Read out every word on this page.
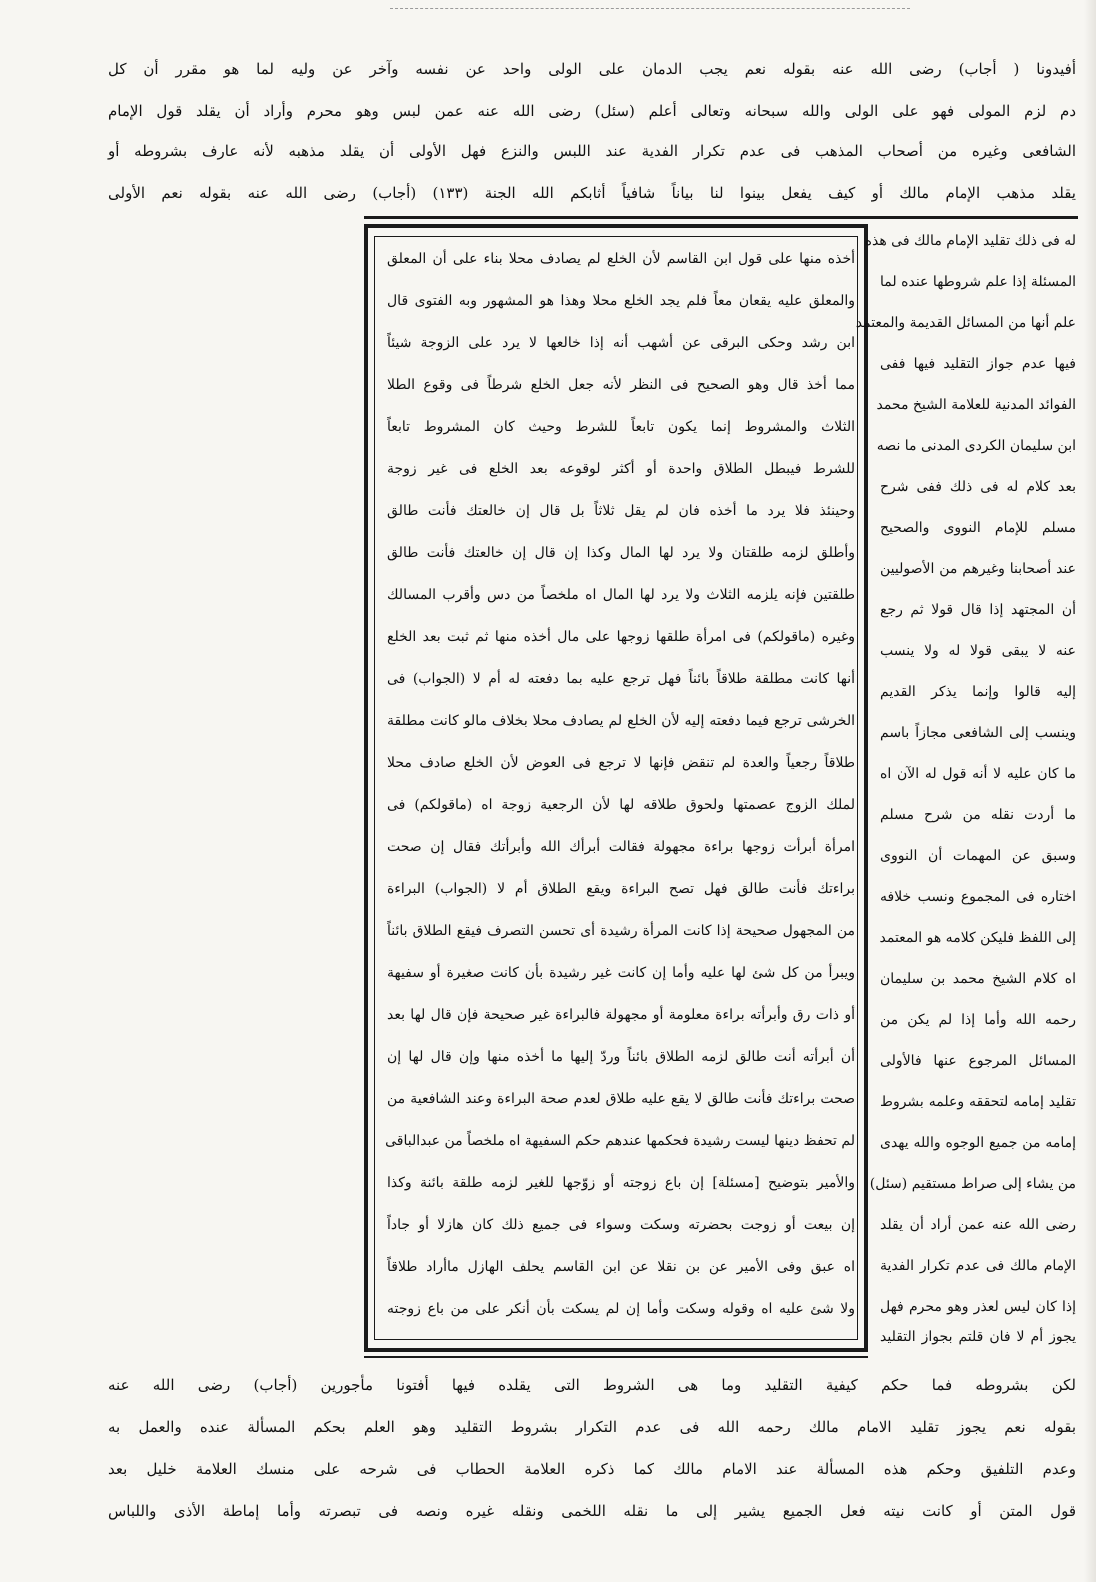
أفيدونا ( أجاب) رضى الله عنه بقوله نعم يجب الدمان على الولى واحد عن نفسه وآخر عن وليه لما هو مقرر أن كل
دم لزم المولى فهو على الولى والله سبحانه وتعالى أعلم (سئل) رضى الله عنه عمن لبس وهو محرم وأراد أن يقلد قول الإمام
الشافعى وغيره من أصحاب المذهب فى عدم تكرار الفدية عند اللبس والنزع فهل الأولى أن يقلد مذهبه لأنه عارف بشروطه أو
يقلد مذهب الإمام مالك أو كيف يفعل بينوا لنا بياناً شافياً أثابكم الله الجنة (١٣٣) (أجاب) رضى الله عنه بقوله نعم الأولى
له فى ذلك تقليد الإمام مالك فى هذه
المسئلة إذا علم شروطها عنده لما
علم أنها من المسائل القديمة والمعتمد
فيها عدم جواز التقليد فيها ففى
الفوائد المدنية للعلامة الشيخ محمد
ابن سليمان الكردى المدنى ما نصه
بعد كلام له فى ذلك ففى شرح
مسلم للإمام النووى والصحيح
عند أصحابنا وغيرهم من الأصوليين
أن المجتهد إذا قال قولا ثم رجع
عنه لا يبقى قولا له ولا ينسب
إليه قالوا وإنما يذكر القديم
وينسب إلى الشافعى مجازاً باسم
ما كان عليه لا أنه قول له الآن اه
ما أردت نقله من شرح مسلم
وسبق عن المهمات أن النووى
اختاره فى المجموع ونسب خلافه
إلى اللفظ فليكن كلامه هو المعتمد
اه كلام الشيخ محمد بن سليمان
رحمه الله وأما إذا لم يكن من
المسائل المرجوع عنها فالأولى
تقليد إمامه لتحققه وعلمه بشروط
إمامه من جميع الوجوه والله يهدى
من يشاء إلى صراط مستقيم (سئل)
رضى الله عنه عمن أراد أن يقلد
الإمام مالك فى عدم تكرار الفدية
إذا كان ليس لعذر وهو محرم فهل
يجوز أم لا فان قلتم بجواز التقليد
أخذه منها على قول ابن القاسم لأن الخلع لم يصادف محلا بناء على أن المعلق
والمعلق عليه يقعان معاً فلم يجد الخلع محلا وهذا هو المشهور وبه الفتوى قال
ابن رشد وحكى البرقى عن أشهب أنه إذا خالعها لا يرد على الزوجة شيئاً
مما أخذ قال وهو الصحيح فى النظر لأنه جعل الخلع شرطاً فى وقوع الطلا
الثلاث والمشروط إنما يكون تابعاً للشرط وحيث كان المشروط تابعاً
للشرط فيبطل الطلاق واحدة أو أكثر لوقوعه بعد الخلع فى غير زوجة
وحينئذ فلا يرد ما أخذه فان لم يقل ثلاثاً بل قال إن خالعتك فأنت طالق
وأطلق لزمه طلقتان ولا يرد لها المال وكذا إن قال إن خالعتك فأنت طالق
طلقتين فإنه يلزمه الثلاث ولا يرد لها المال اه ملخصاً من دس وأقرب المسالك
وغيره (ماقولكم) فى امرأة طلقها زوجها على مال أخذه منها ثم ثبت بعد الخلع
أنها كانت مطلقة طلاقاً بائناً فهل ترجع عليه بما دفعته له أم لا (الجواب) فى
الخرشى ترجع فيما دفعته إليه لأن الخلع لم يصادف محلا بخلاف مالو كانت مطلقة
طلاقاً رجعياً والعدة لم تنقض فإنها لا ترجع فى العوض لأن الخلع صادف محلا
لملك الزوج عصمتها ولحوق طلاقه لها لأن الرجعية زوجة اه (ماقولكم) فى
امرأة أبرأت زوجها براءة مجهولة فقالت أبرأك الله وأبرأتك فقال إن صحت
براءتك فأنت طالق فهل تصح البراءة ويقع الطلاق أم لا (الجواب) البراءة
من المجهول صحيحة إذا كانت المرأة رشيدة أى تحسن التصرف فيقع الطلاق بائناً
ويبرأ من كل شئ لها عليه وأما إن كانت غير رشيدة بأن كانت صغيرة أو سفيهة
أو ذات رق وأبرأته براءة معلومة أو مجهولة فالبراءة غير صحيحة فإن قال لها بعد
أن أبرأته أنت طالق لزمه الطلاق بائناً وردّ إليها ما أخذه منها وإن قال لها إن
صحت براءتك فأنت طالق لا يقع عليه طلاق لعدم صحة البراءة وعند الشافعية من
لم تحفظ دينها ليست رشيدة فحكمها عندهم حكم السفيهة اه ملخصاً من عبدالباقى
والأمير بتوضيح [مسئلة] إن باع زوجته أو زوّجها للغير لزمه طلقة بائنة وكذا
إن بيعت أو زوجت بحضرته وسكت وسواء فى جميع ذلك كان هازلا أو جاداً
اه عبق وفى الأمير عن بن نقلا عن ابن القاسم يحلف الهازل ماأراد طلاقاً
ولا شئ عليه اه وقوله وسكت وأما إن لم يسكت بأن أنكر على من باع زوجته
لكن بشروطه فما حكم كيفية التقليد وما هى الشروط التى يقلده فيها أفتونا مأجورين (أجاب) رضى الله عنه
بقوله نعم يجوز تقليد الامام مالك رحمه الله فى عدم التكرار بشروط التقليد وهو العلم بحكم المسألة عنده والعمل به
وعدم التلفيق وحكم هذه المسألة عند الامام مالك كما ذكره العلامة الحطاب فى شرحه على منسك العلامة خليل بعد
قول المتن أو كانت نيته فعل الجميع يشير إلى ما نقله اللخمى ونقله غيره ونصه فى تبصرته وأما إماطة الأذى واللباس
